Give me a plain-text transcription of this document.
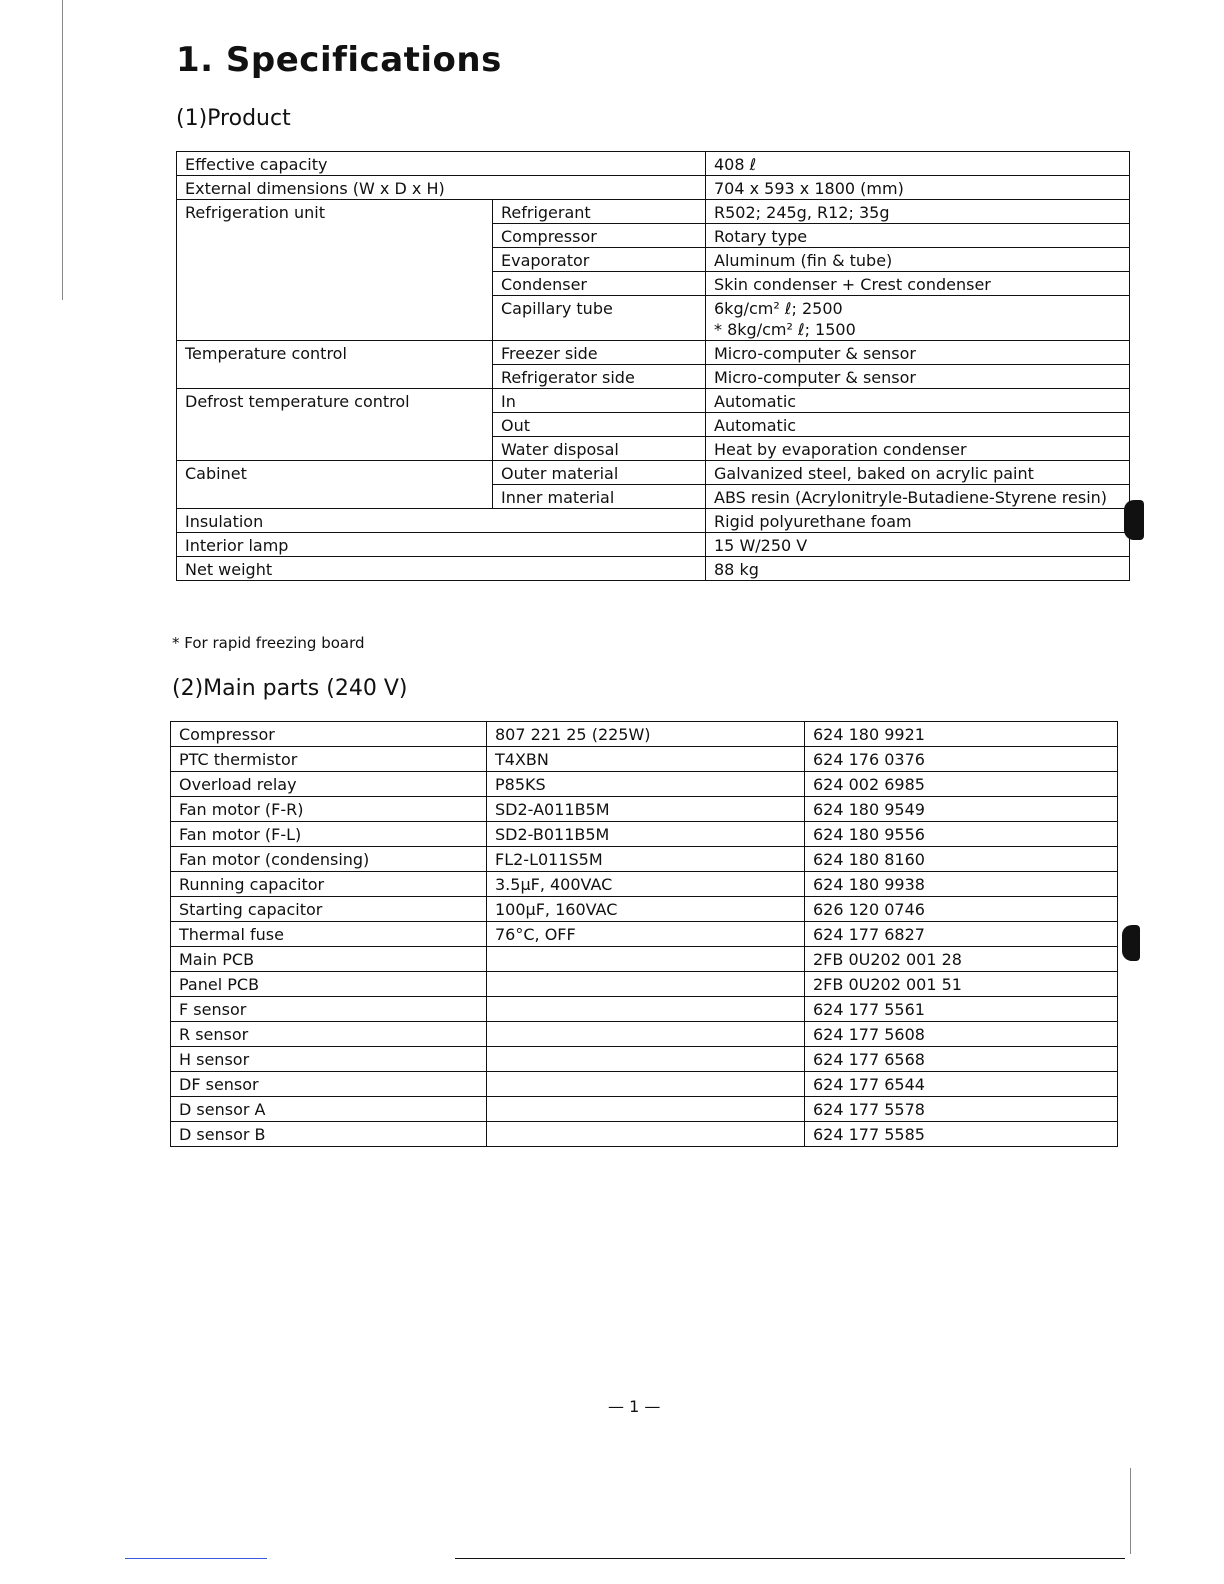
1. Specifications
(1)Product
Effective capacity		408 ℓ
External dimensions (W x D x H)		704 x 593 x 1800 (mm)
Refrigeration unit	Refrigerant	R502; 245g, R12; 35g
	Compressor	Rotary type
	Evaporator	Aluminum (fin & tube)
	Condenser	Skin condenser + Crest condenser
	Capillary tube	6kg/cm² ℓ; 2500
* 8kg/cm² ℓ; 1500

Temperature control	Freezer side	Micro-computer & sensor
	Refrigerator side	Micro-computer & sensor
Defrost temperature control	In	Automatic
	Out	Automatic
	Water disposal	Heat by evaporation condenser
Cabinet	Outer material	Galvanized steel, baked on acrylic paint
	Inner material	ABS resin (Acrylonitryle-Butadiene-Styrene resin)
Insulation		Rigid polyurethane foam
Interior lamp		15 W/250 V
Net weight		88 kg
* For rapid freezing board
(2)Main parts (240 V)
Compressor	807 221 25 (225W)	624 180 9921
PTC thermistor	T4XBN	624 176 0376
Overload relay	P85KS	624 002 6985
Fan motor (F-R)	SD2-A011B5M	624 180 9549
Fan motor (F-L)	SD2-B011B5M	624 180 9556
Fan motor (condensing)	FL2-L011S5M	624 180 8160
Running capacitor	3.5μF, 400VAC	624 180 9938
Starting capacitor	100μF, 160VAC	626 120 0746
Thermal fuse	76°C, OFF	624 177 6827
Main PCB		2FB 0U202 001 28
Panel PCB		2FB 0U202 001 51
F sensor		624 177 5561
R sensor		624 177 5608
H sensor		624 177 6568
DF sensor		624 177 6544
D sensor A		624 177 5578
D sensor B		624 177 5585
— 1 —
